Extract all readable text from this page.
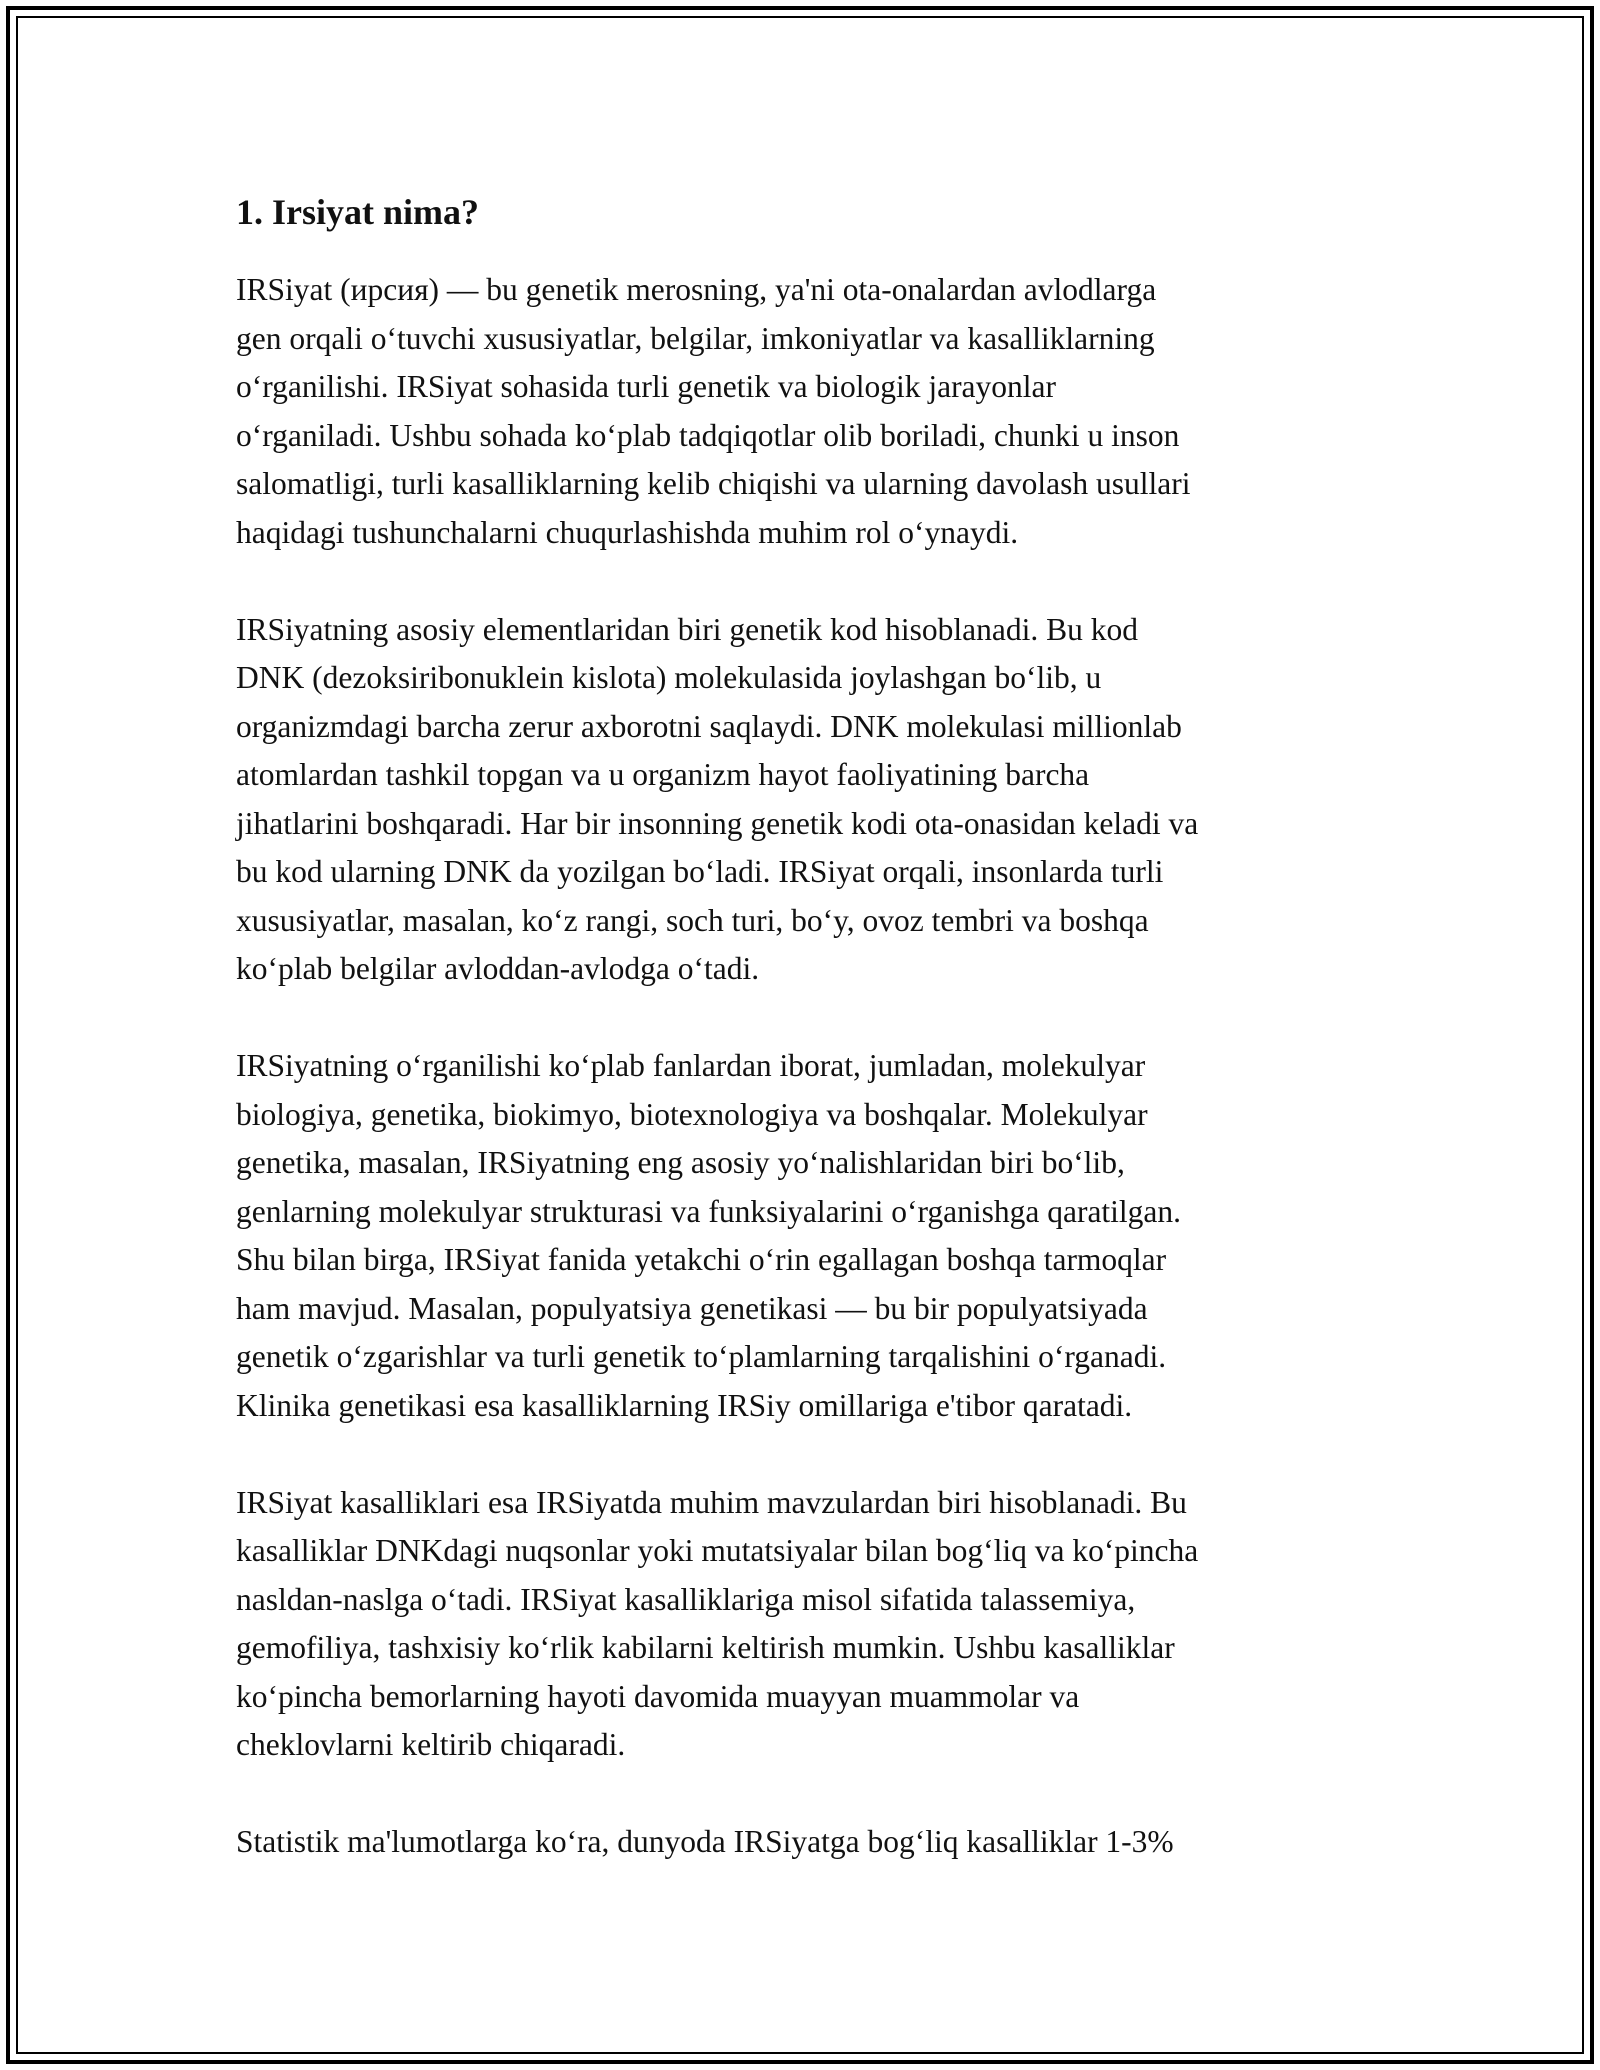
1. Irsiyat nima?

IRSiyat (ирсия) — bu genetik merosning, ya'ni ota-onalardan avlodlarga
gen orqali oʻtuvchi xususiyatlar, belgilar, imkoniyatlar va kasalliklarning
oʻrganilishi. IRSiyat sohasida turli genetik va biologik jarayonlar
oʻrganiladi. Ushbu sohada koʻplab tadqiqotlar olib boriladi, chunki u inson
salomatligi, turli kasalliklarning kelib chiqishi va ularning davolash usullari
haqidagi tushunchalarni chuqurlashishda muhim rol oʻynaydi.

IRSiyatning asosiy elementlaridan biri genetik kod hisoblanadi. Bu kod
DNK (dezoksiribonuklein kislota) molekulasida joylashgan boʻlib, u
organizmdagi barcha zerur axborotni saqlaydi. DNK molekulasi millionlab
atomlardan tashkil topgan va u organizm hayot faoliyatining barcha
jihatlarini boshqaradi. Har bir insonning genetik kodi ota-onasidan keladi va
bu kod ularning DNK da yozilgan boʻladi. IRSiyat orqali, insonlarda turli
xususiyatlar, masalan, koʻz rangi, soch turi, boʻy, ovoz tembri va boshqa
koʻplab belgilar avloddan-avlodga oʻtadi.

IRSiyatning oʻrganilishi koʻplab fanlardan iborat, jumladan, molekulyar
biologiya, genetika, biokimyo, biotexnologiya va boshqalar. Molekulyar
genetika, masalan, IRSiyatning eng asosiy yoʻnalishlaridan biri boʻlib,
genlarning molekulyar strukturasi va funksiyalarini oʻrganishga qaratilgan.
Shu bilan birga, IRSiyat fanida yetakchi oʻrin egallagan boshqa tarmoqlar
ham mavjud. Masalan, populyatsiya genetikasi — bu bir populyatsiyada
genetik oʻzgarishlar va turli genetik toʻplamlarning tarqalishini oʻrganadi.
Klinika genetikasi esa kasalliklarning IRSiy omillariga e'tibor qaratadi.

IRSiyat kasalliklari esa IRSiyatda muhim mavzulardan biri hisoblanadi. Bu
kasalliklar DNKdagi nuqsonlar yoki mutatsiyalar bilan bogʻliq va koʻpincha
nasldan-naslga oʻtadi. IRSiyat kasalliklariga misol sifatida talassemiya,
gemofiliya, tashxisiy koʻrlik kabilarni keltirish mumkin. Ushbu kasalliklar
koʻpincha bemorlarning hayoti davomida muayyan muammolar va
cheklovlarni keltirib chiqaradi.

Statistik ma'lumotlarga koʻra, dunyoda IRSiyatga bogʻliq kasalliklar 1-3%
